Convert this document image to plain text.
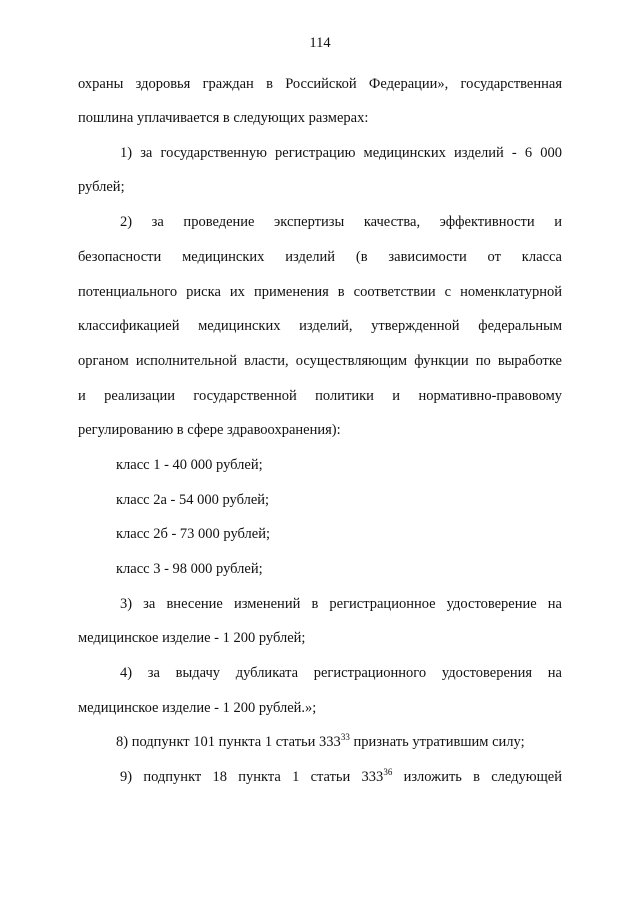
114
охраны здоровья граждан в Российской Федерации», государственная
пошлина уплачивается в следующих размерах:
1) за государственную регистрацию медицинских изделий - 6 000
рублей;
2) за проведение экспертизы качества, эффективности и
безопасности медицинских изделий (в зависимости от класса
потенциального риска их применения в соответствии с номенклатурной
классификацией медицинских изделий, утвержденной федеральным
органом исполнительной власти, осуществляющим функции по выработке
и реализации государственной политики и нормативно-правовому
регулированию в сфере здравоохранения):
класс 1 - 40 000 рублей;
класс 2а - 54 000 рублей;
класс 2б - 73 000 рублей;
класс 3 - 98 000 рублей;
3) за внесение изменений в регистрационное удостоверение на
медицинское изделие - 1 200 рублей;
4) за выдачу дубликата регистрационного удостоверения на
медицинское изделие - 1 200 рублей.»;
8) подпункт 101 пункта 1 статьи $333^{33}$ признать утратившим силу;
9) подпункт 18 пункта 1 статьи $333^{36}$ изложить в следующей
